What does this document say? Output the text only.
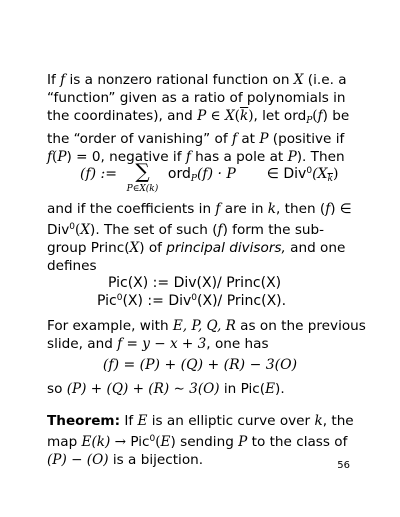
If f is a nonzero rational function on X (i.e. a
“function” given as a ratio of polynomials in
the coordinates), and P ∈ $X(\overline{k})$, let ord$_P$(f) be
the “order of vanishing” of f at P (positive if
f(P) = 0, negative if f has a pole at P). Then
(f) := ∑
P∈X(k)
ord$_P$(f) · P ∈ $Div^0(X_{\overline{k}})$
and if the coefficients in f are in k, then (f) ∈
Div$^0$(X). The set of such (f) form the sub-
group Princ(X) of principal divisors, and one
defines
Pic(X) := Div(X)/ Princ(X)
Pic$^0$(X) := Div$^0$(X)/ Princ(X).
For example, with E, P, Q, R as on the previous
slide, and f = y − x + 3, one has
(f) = (P) + (Q) + (R) − 3(O)
so (P) + (Q) + (R) ∼ 3(O) in Pic(E).
Theorem: If E is an elliptic curve over k, the
map E(k) → Pic$^0$(E) sending P to the class of
(P) − (O) is a bijection.	56
